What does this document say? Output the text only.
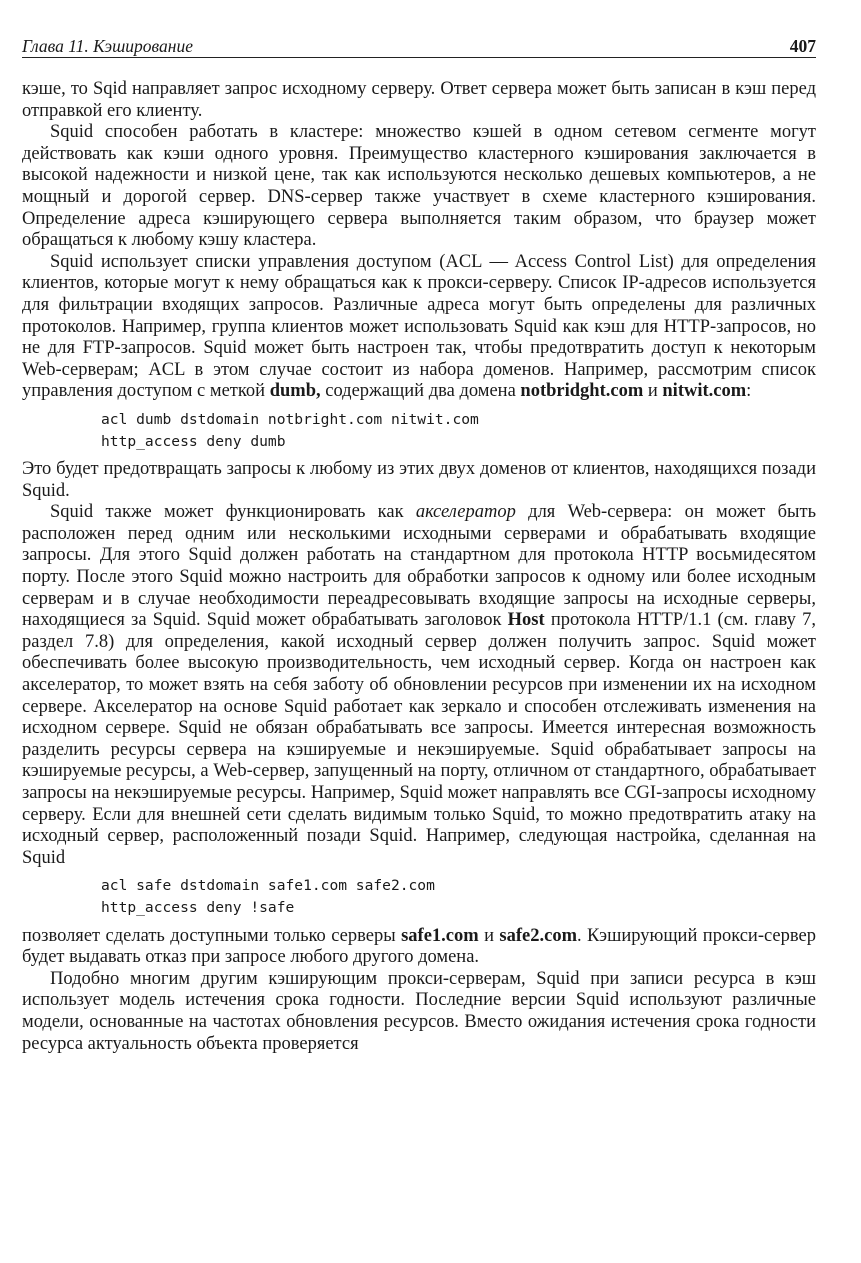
Глава 11. Кэширование	407

кэше, то Sqid направляет запрос исходному серверу. Ответ сервера может быть записан в кэш перед отправкой его клиенту.

Squid способен работать в кластере: множество кэшей в одном сетевом сегменте могут действовать как кэши одного уровня. Преимущество кластерного кэширования заключается в высокой надежности и низкой цене, так как используются несколько дешевых компьютеров, а не мощный и дорогой сервер. DNS-сервер также участвует в схеме кластерного кэширования. Определение адреса кэширующего сервера выполняется таким образом, что браузер может обращаться к любому кэшу кластера.

Squid использует списки управления доступом (ACL — Access Control List) для определения клиентов, которые могут к нему обращаться как к прокси-серверу. Список IP-адресов используется для фильтрации входящих запросов. Различные адреса могут быть определены для различных протоколов. Например, группа клиентов может использовать Squid как кэш для HTTP-запросов, но не для FTP-запросов. Squid может быть настроен так, чтобы предотвратить доступ к некоторым Web-серверам; ACL в этом случае состоит из набора доменов. Например, рассмотрим список управления доступом с меткой dumb, содержащий два домена notbridght.com и nitwit.com:

acl dumb dstdomain notbright.com nitwit.com
http_access deny dumb

Это будет предотвращать запросы к любому из этих двух доменов от клиентов, находящихся позади Squid.

Squid также может функционировать как акселератор для Web-cерверa: он может быть расположен перед одним или несколькими исходными серверами и обрабатывать входящие запросы. Для этого Squid должен работать на стандартном для протокола HTTP восьмидесятом порту. После этого Squid можно настроить для обработки запросов к одному или более исходным серверам и в случае необходимости переадресовывать входящие запросы на исходные серверы, находящиеся за Squid. Squid может обрабатывать заголовок Host протокола HTTP/1.1 (см. главу 7, раздел 7.8) для определения, какой исходный сервер должен получить запрос. Squid может обеспечивать более высокую производительность, чем исходный сервер. Когда он настроен как акселератор, то может взять на себя заботу об обновлении ресурсов при изменении их на исходном сервере. Акселератор на основе Squid работает как зеркало и способен отслеживать изменения на исходном сервере. Squid не обязан обрабатывать все запросы. Имеется интересная возможность разделить ресурсы сервера на кэшируемые и некэшируемые. Squid обрабатывает запросы на кэшируемые ресурсы, а Web-сервер, запущенный на порту, отличном от стандартного, обрабатывает запросы на некэшируемые ресурсы. Например, Squid может направлять все CGI-запросы исходному серверу. Если для внешней сети сделать видимым только Squid, то можно предотвратить атаку на исходный сервер, расположенный позади Squid. Например, следующая настройка, сделанная на Squid

acl safe dstdomain safe1.com safe2.com
http_access deny !safe

позволяет сделать доступными только серверы safe1.com и safe2.com. Кэширующий прокси-сервер будет выдавать отказ при запросе любого другого домена.

Подобно многим другим кэширующим прокси-серверам, Squid при записи ресурса в кэш использует модель истечения срока годности. Последние версии Squid используют различные модели, основанные на частотах обновления ресурсов. Вместо ожидания истечения срока годности ресурса актуальность объекта проверяется
